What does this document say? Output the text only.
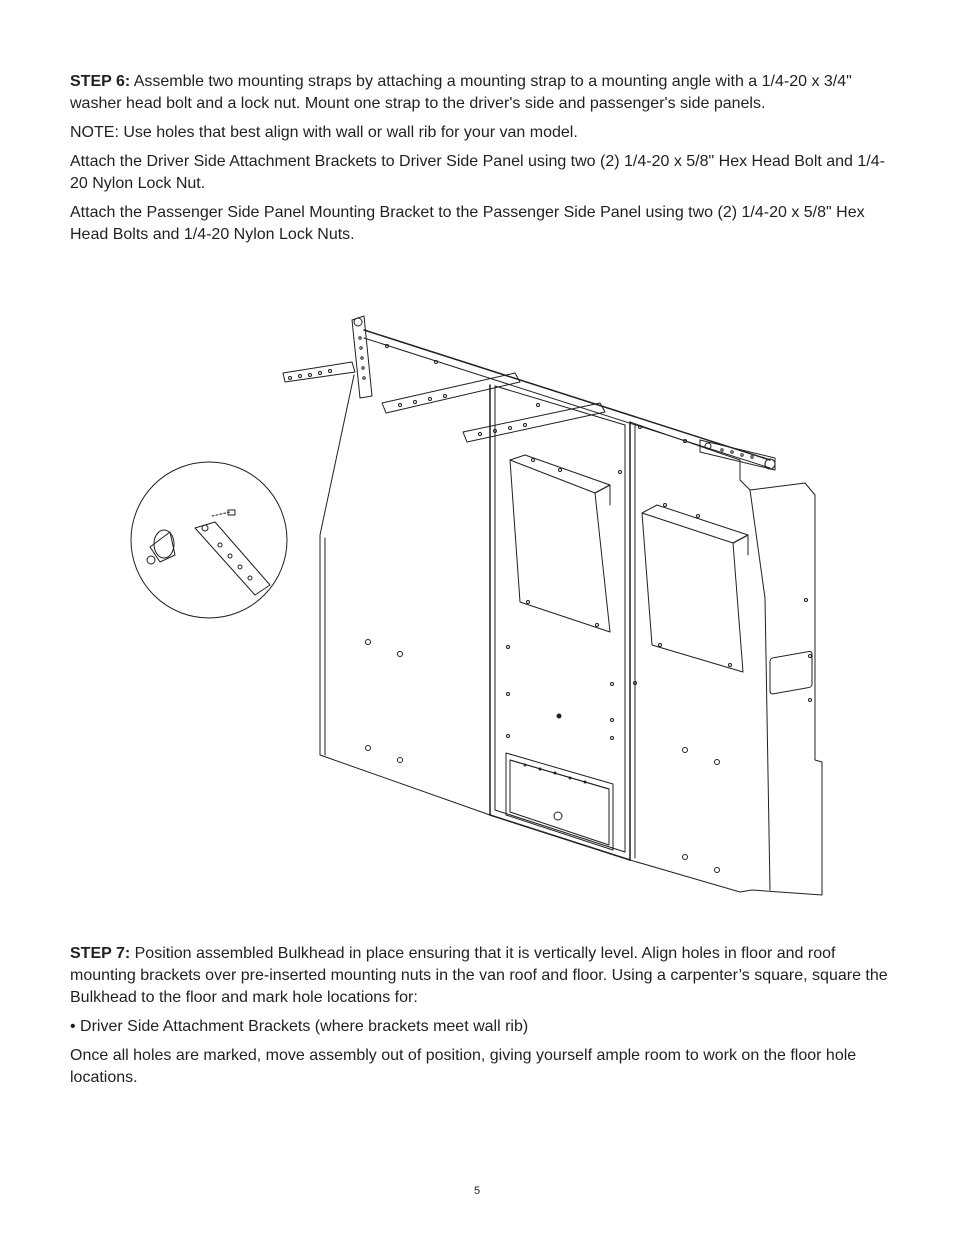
STEP 6: Assemble two mounting straps by attaching a mounting strap to a mounting angle with a 1/4-20 x 3/4" washer head bolt and a lock nut. Mount one strap to the driver's side and passenger's side panels.

NOTE: Use holes that best align with wall or wall rib for your van model.

Attach the Driver Side Attachment Brackets to Driver Side Panel using two (2) 1/4-20 x 5/8" Hex Head Bolt and 1/4-20 Nylon Lock Nut.

Attach the Passenger Side Panel Mounting Bracket to the Passenger Side Panel using two (2) 1/4-20 x 5/8" Hex Head Bolts and 1/4-20 Nylon Lock Nuts.

STEP 7: Position assembled Bulkhead in place ensuring that it is vertically level. Align holes in floor and roof mounting brackets over pre-inserted mounting nuts in the van roof and floor. Using a carpenter’s square, square the Bulkhead to the floor and mark hole locations for:

• Driver Side Attachment Brackets (where brackets meet wall rib)

Once all holes are marked, move assembly out of position, giving yourself ample room to work on the floor hole locations.

5
